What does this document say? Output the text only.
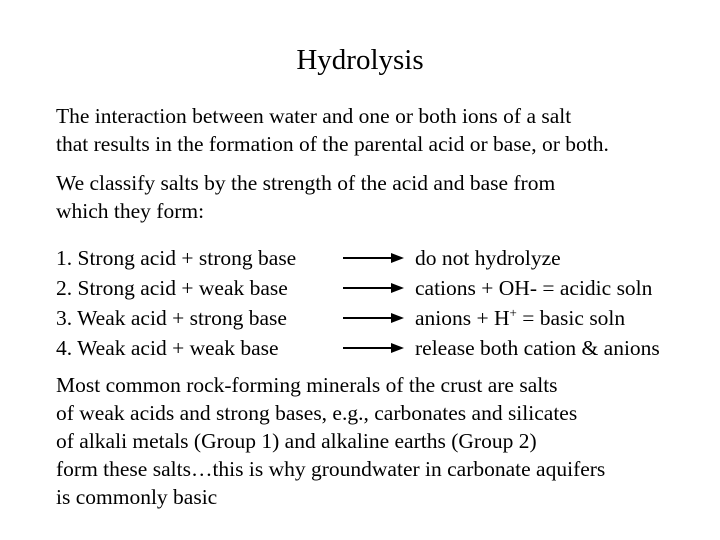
Hydrolysis
The interaction between water and one or both ions of a salt
that results in the formation of the parental acid or base, or both.
We classify salts by the strength of the acid and base from
which they form:
1. Strong acid + strong base	do not hydrolyze
2. Strong acid + weak base	cations + OH- = acidic soln
3. Weak acid + strong base	anions + H+ = basic soln
4. Weak acid + weak base	release both cation & anions
Most common rock-forming minerals of the crust are salts
of weak acids and strong bases, e.g., carbonates and silicates
of alkali metals (Group 1) and alkaline earths (Group 2)
form these salts…this is why groundwater in carbonate aquifers
is commonly basic
